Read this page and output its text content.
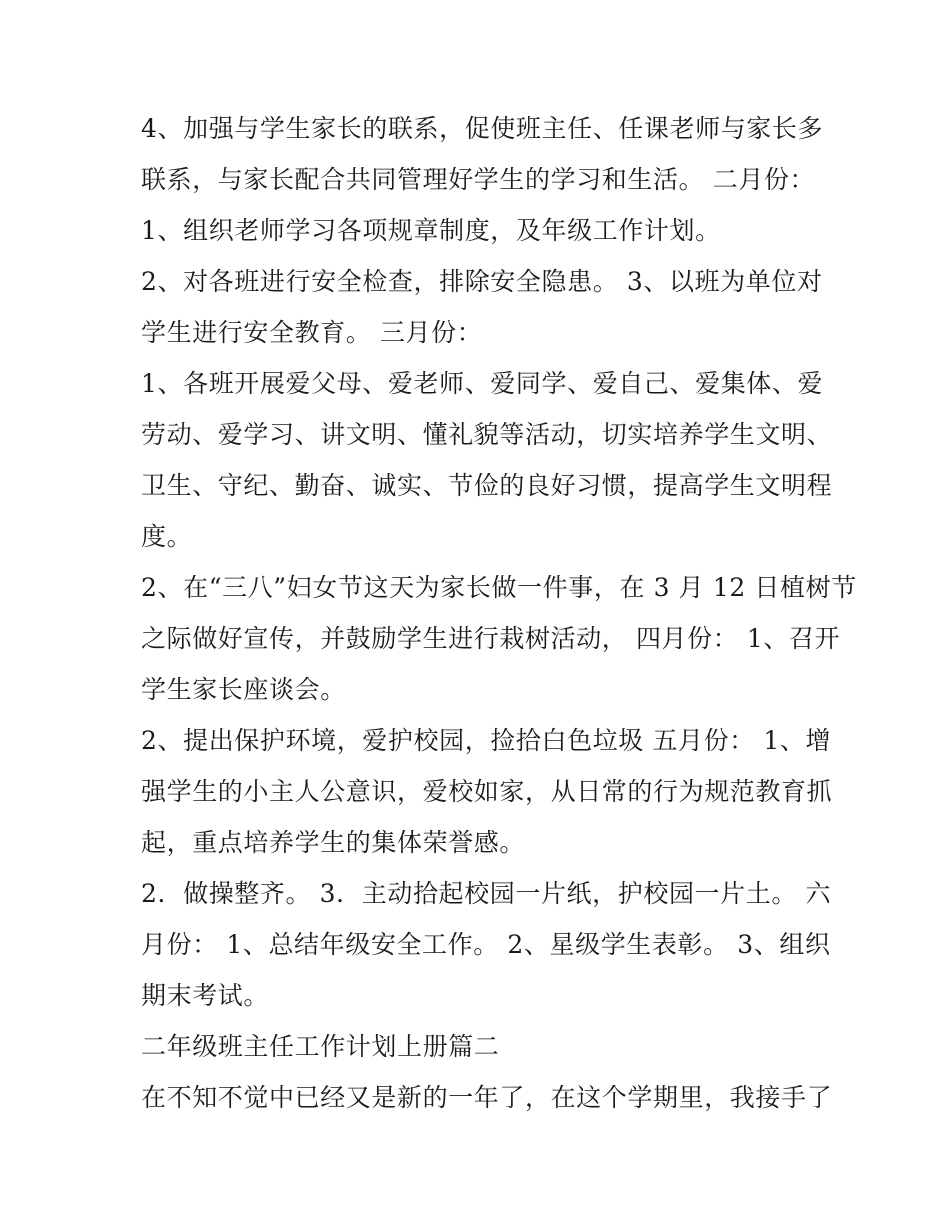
4、加强与学生家长的联系，促使班主任、任课老师与家长多
联系，与家长配合共同管理好学生的学习和生活。 二月份：
1、组织老师学习各项规章制度，及年级工作计划。
2、对各班进行安全检查，排除安全隐患。 3、以班为单位对
学生进行安全教育。 三月份：
1、各班开展爱父母、爱老师、爱同学、爱自己、爱集体、爱
劳动、爱学习、讲文明、懂礼貌等活动，切实培养学生文明、
卫生、守纪、勤奋、诚实、节俭的良好习惯，提高学生文明程
度。
2、在“三八”妇女节这天为家长做一件事，在 3 月 12 日植树节
之际做好宣传，并鼓励学生进行栽树活动， 四月份： 1、召开
学生家长座谈会。
2、提出保护环境，爱护校园，捡拾白色垃圾 五月份： 1、增
强学生的小主人公意识，爱校如家，从日常的行为规范教育抓
起，重点培养学生的集体荣誉感。
2．做操整齐。 3．主动拾起校园一片纸，护校园一片土。 六
月份： 1、总结年级安全工作。 2、星级学生表彰。 3、组织
期末考试。
二年级班主任工作计划上册篇二
在不知不觉中已经又是新的一年了，在这个学期里，我接手了
